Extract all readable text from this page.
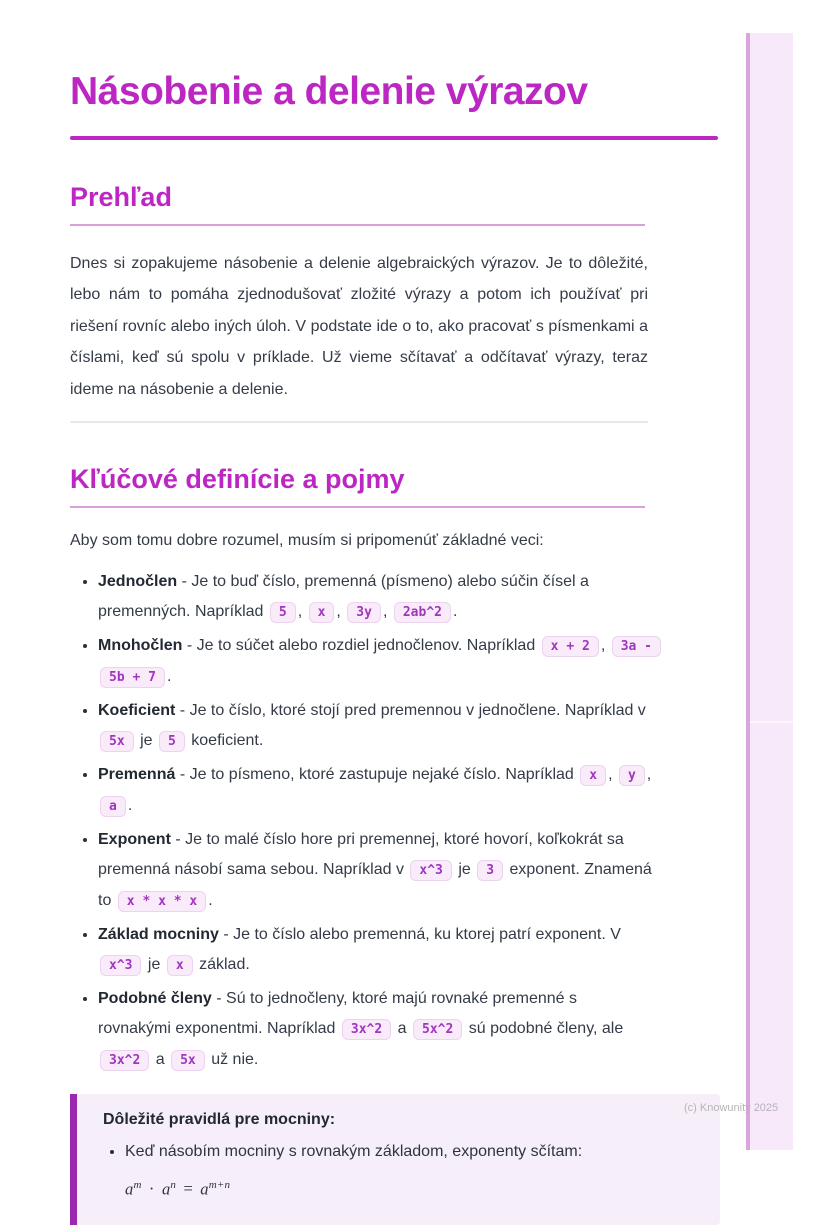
(c) Knowunity 2025
Násobenie a delenie výrazov
Prehľad

Dnes si zopakujeme násobenie a delenie algebraických výrazov. Je to dôležité, lebo nám to pomáha zjednodušovať zložité výrazy a potom ich používať pri riešení rovníc alebo iných úloh. V podstate ide o to, ako pracovať s písmenkami a číslami, keď sú spolu v príklade. Už vieme sčítavať a odčítavať výrazy, teraz ideme na násobenie a delenie.

Kľúčové definície a pojmy

Aby som tomu dobre rozumel, musím si pripomenúť základné veci:

• Jednočlen - Je to buď číslo, premenná (písmeno) alebo súčin čísel a premenných. Napríklad 5 , x , 3y , 2ab^2 .
• Mnohočlen - Je to súčet alebo rozdiel jednočlenov. Napríklad x + 2 , 3a - 5b + 7 .
• Koeficient - Je to číslo, ktoré stojí pred premennou v jednočlene. Napríklad v 5x je 5 koeficient.
• Premenná - Je to písmeno, ktoré zastupuje nejaké číslo. Napríklad x , y , a .
• Exponent - Je to malé číslo hore pri premennej, ktoré hovorí, koľkokrát sa premenná násobí sama sebou. Napríklad v x^3 je 3 exponent. Znamená to x * x * x .
• Základ mocniny - Je to číslo alebo premenná, ku ktorej patrí exponent. V x^3 je x základ.
• Podobné členy - Sú to jednočleny, ktoré majú rovnaké premenné s rovnakými exponentmi. Napríklad 3x^2 a 5x^2 sú podobné členy, ale 3x^2 a 5x už nie.

Dôležité pravidlá pre mocniny:

• Keď násobím mocniny s rovnakým základom, exponenty sčítam:
$a^m \cdot a^n = a^{m+n}$
